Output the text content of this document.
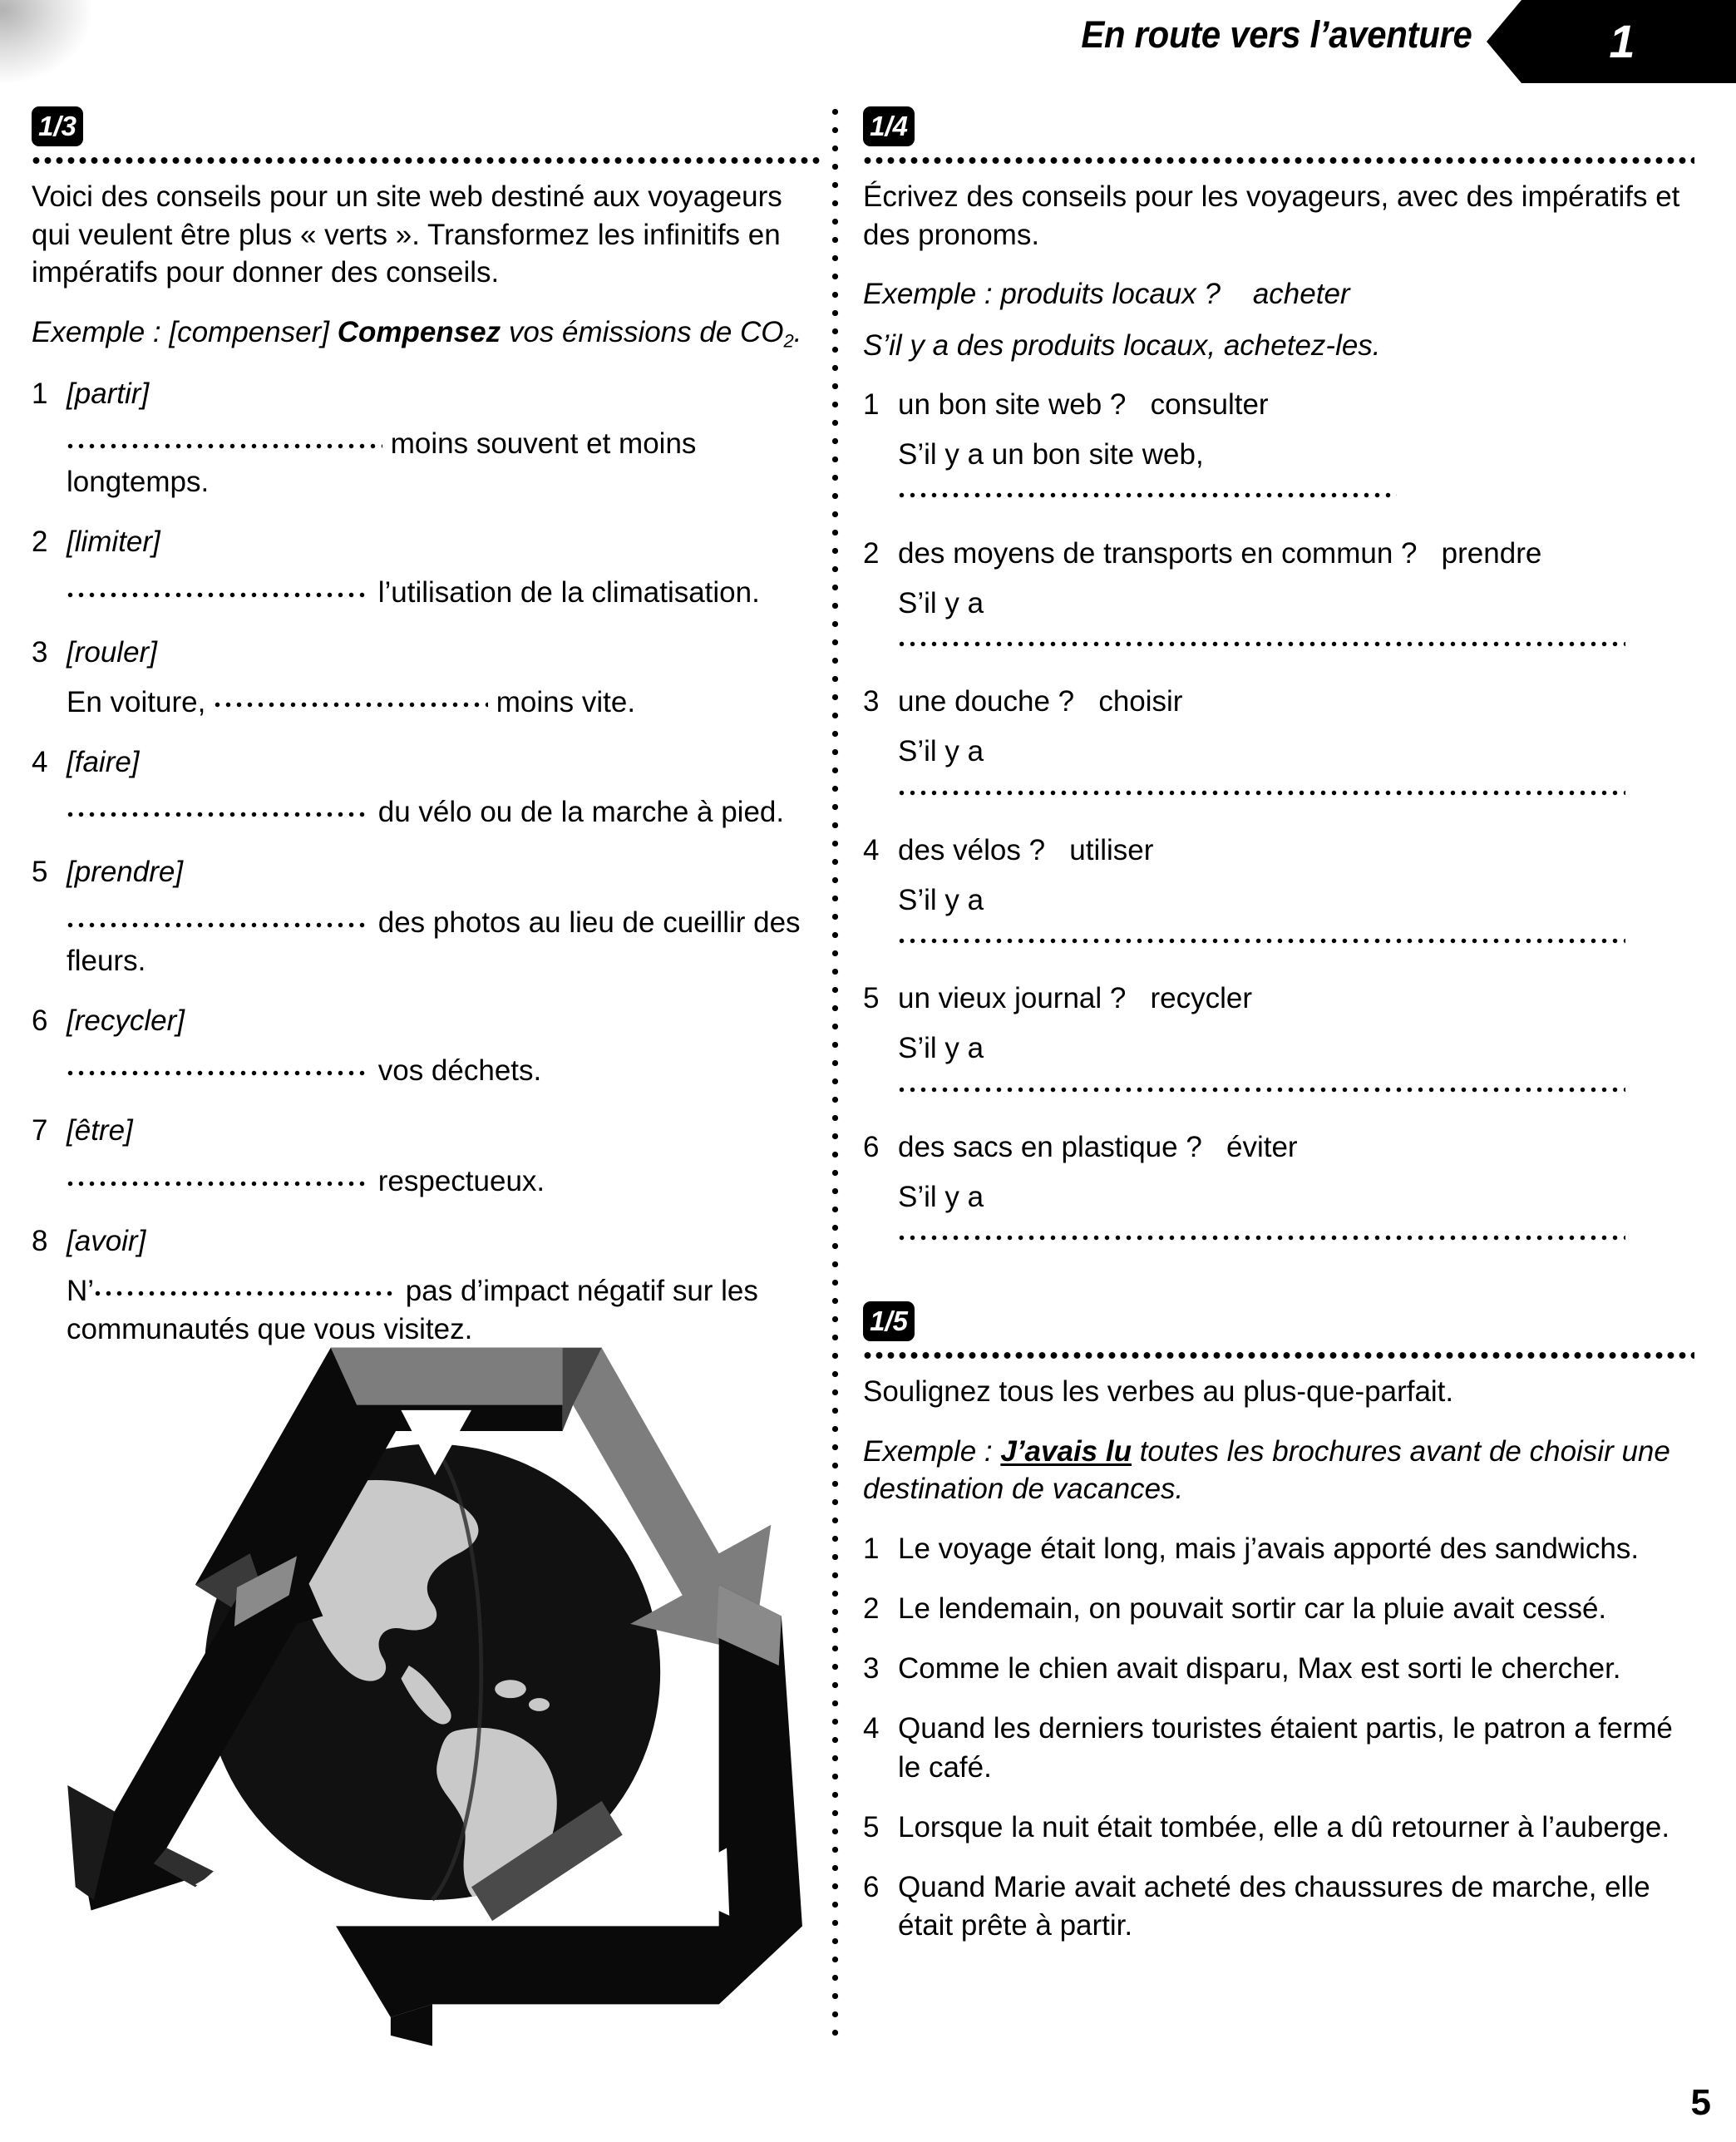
En route vers l’aventure	1
1/3

Voici des conseils pour un site web destiné aux voyageurs qui veulent être plus « verts ». Transformez les infinitifs en impératifs pour donner des conseils.

Exemple : [compenser] Compensez vos émissions de CO2.

1 [partir]
moins souvent et moins longtemps.
2 [limiter]
l’utilisation de la climatisation.
3 [rouler]
En voiture,	moins vite.
4 [faire]
du vélo ou de la marche à pied.
5 [prendre]
des photos au lieu de cueillir des fleurs.
6 [recycler]
vos déchets.
7 [être]
respectueux.
8 [avoir]
N’	pas d’impact négatif sur les communautés que vous visitez.
1/4

Écrivez des conseils pour les voyageurs, avec des impératifs et des pronoms.

Exemple : produits locaux ?    acheter

S’il y a des produits locaux, achetez-les.

1 un bon site web ? consulter
S’il y a un bon site web,
2 des moyens de transports en commun ? prendre
S’il y a
3 une douche ? choisir
S’il y a
4 des vélos ? utiliser
S’il y a
5 un vieux journal ? recycler
S’il y a
6 des sacs en plastique ? éviter
S’il y a
1/5

Soulignez tous les verbes au plus-que-parfait.

Exemple : J’avais lu toutes les brochures avant de choisir une destination de vacances.

1 Le voyage était long, mais j’avais apporté des sandwichs.
2 Le lendemain, on pouvait sortir car la pluie avait cessé.
3 Comme le chien avait disparu, Max est sorti le chercher.
4 Quand les derniers touristes étaient partis, le patron a fermé le café.
5 Lorsque la nuit était tombée, elle a dû retourner à l’auberge.
6 Quand Marie avait acheté des chaussures de marche, elle était prête à partir.
5
